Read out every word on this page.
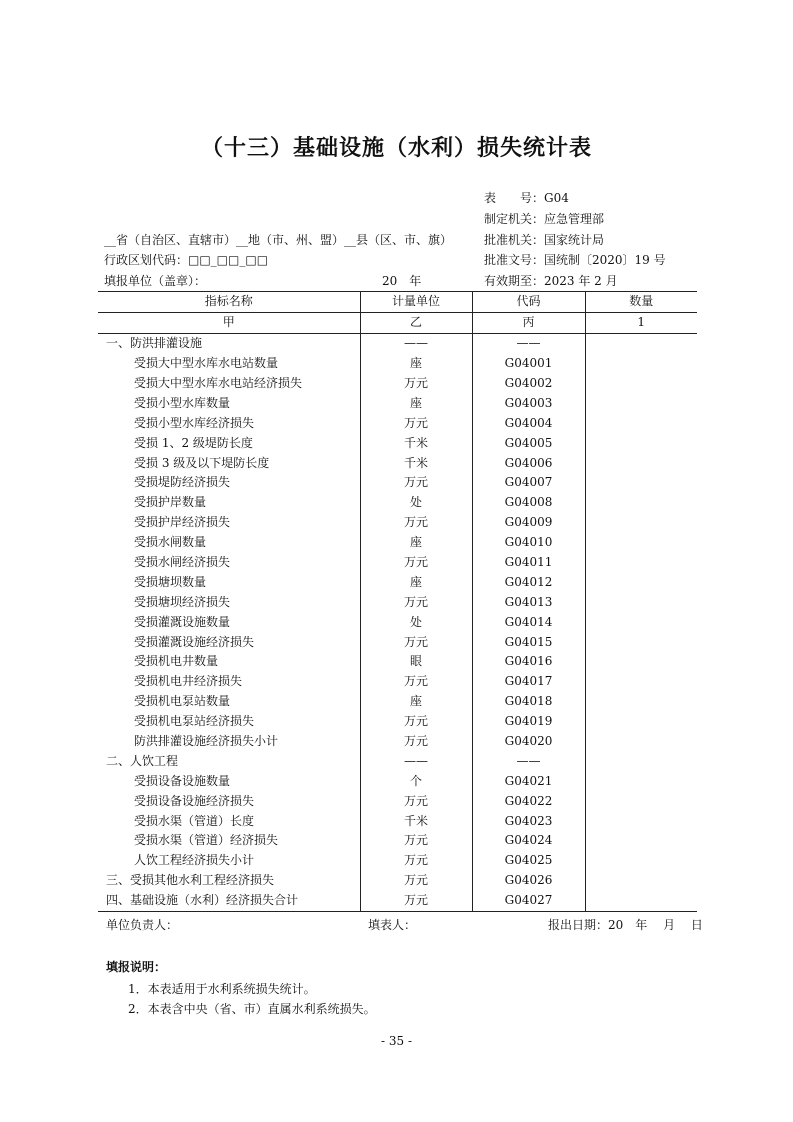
（十三）基础设施（水利）损失统计表
表　　号：G04
制定机关：应急管理部
批准机关：国家统计局
批准文号：国统制〔2020〕19 号
有效期至：2023 年 2 月
__省（自治区、直辖市）__地（市、州、盟）__县（区、市、旗）
行政区划代码：□□_□□_□□
填报单位（盖章）：	20　年
指标名称	计量单位	代码	数量
甲	乙	丙	1
一、防洪排灌设施	——	——	
受损大中型水库水电站数量	座	G04001	
受损大中型水库水电站经济损失	万元	G04002	
受损小型水库数量	座	G04003	
受损小型水库经济损失	万元	G04004	
受损 1、2 级堤防长度	千米	G04005	
受损 3 级及以下堤防长度	千米	G04006	
受损堤防经济损失	万元	G04007	
受损护岸数量	处	G04008	
受损护岸经济损失	万元	G04009	
受损水闸数量	座	G04010	
受损水闸经济损失	万元	G04011	
受损塘坝数量	座	G04012	
受损塘坝经济损失	万元	G04013	
受损灌溉设施数量	处	G04014	
受损灌溉设施经济损失	万元	G04015	
受损机电井数量	眼	G04016	
受损机电井经济损失	万元	G04017	
受损机电泵站数量	座	G04018	
受损机电泵站经济损失	万元	G04019	
防洪排灌设施经济损失小计	万元	G04020	
二、人饮工程	——	——	
受损设备设施数量	个	G04021	
受损设备设施经济损失	万元	G04022	
受损水渠（管道）长度	千米	G04023	
受损水渠（管道）经济损失	万元	G04024	
人饮工程经济损失小计	万元	G04025	
三、受损其他水利工程经济损失	万元	G04026	
四、基础设施（水利）经济损失合计	万元	G04027	
单位负责人：	填表人：	报出日期：20　年　 月　 日
填报说明：
1．本表适用于水利系统损失统计。
2．本表含中央（省、市）直属水利系统损失。
- 35 -
